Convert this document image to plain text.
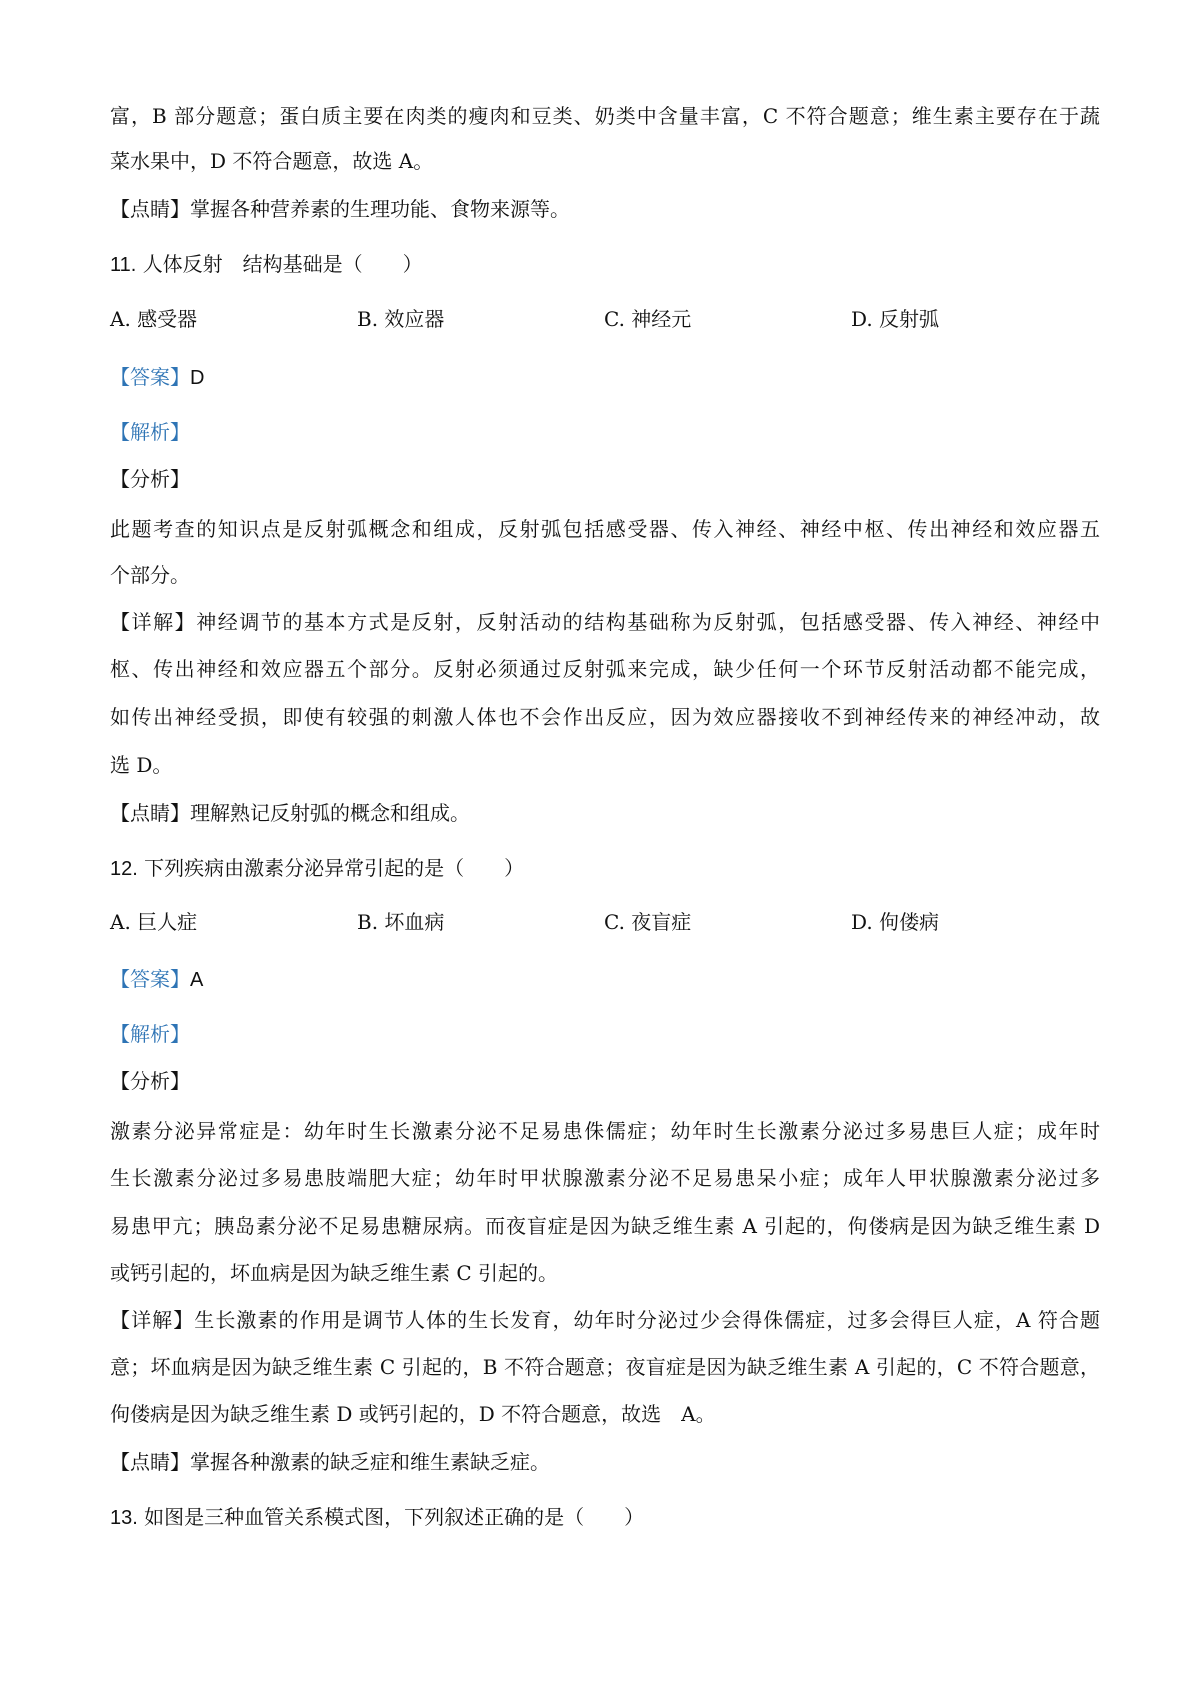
富，B 部分题意；蛋白质主要在肉类的瘦肉和豆类、奶类中含量丰富，C 不符合题意；维生素主要存在于蔬
菜水果中，D 不符合题意，故选 A。
【点睛】掌握各种营养素的生理功能、食物来源等。
11. 人体反射　结构基础是（　　）
A. 感受器	B. 效应器	C. 神经元	D. 反射弧
【答案】D
【解析】
【分析】
此题考查的知识点是反射弧概念和组成，反射弧包括感受器、传入神经、神经中枢、传出神经和效应器五
个部分。
【详解】神经调节的基本方式是反射，反射活动的结构基础称为反射弧，包括感受器、传入神经、神经中
枢、传出神经和效应器五个部分。反射必须通过反射弧来完成，缺少任何一个环节反射活动都不能完成，
如传出神经受损，即使有较强的刺激人体也不会作出反应，因为效应器接收不到神经传来的神经冲动，故
选 D。
【点睛】理解熟记反射弧的概念和组成。
12. 下列疾病由激素分泌异常引起的是（　　）
A. 巨人症	B. 坏血病	C. 夜盲症	D. 佝偻病
【答案】A
【解析】
【分析】
激素分泌异常症是：幼年时生长激素分泌不足易患侏儒症；幼年时生长激素分泌过多易患巨人症；成年时
生长激素分泌过多易患肢端肥大症；幼年时甲状腺激素分泌不足易患呆小症；成年人甲状腺激素分泌过多
易患甲亢；胰岛素分泌不足易患糖尿病。而夜盲症是因为缺乏维生素 A 引起的，佝偻病是因为缺乏维生素 D
或钙引起的，坏血病是因为缺乏维生素 C 引起的。
【详解】生长激素的作用是调节人体的生长发育，幼年时分泌过少会得侏儒症，过多会得巨人症，A 符合题
意；坏血病是因为缺乏维生素 C 引起的，B 不符合题意；夜盲症是因为缺乏维生素 A 引起的，C 不符合题意，
佝偻病是因为缺乏维生素 D 或钙引起的，D 不符合题意，故选　A。
【点睛】掌握各种激素的缺乏症和维生素缺乏症。
13. 如图是三种血管关系模式图，下列叙述正确的是（　　）
